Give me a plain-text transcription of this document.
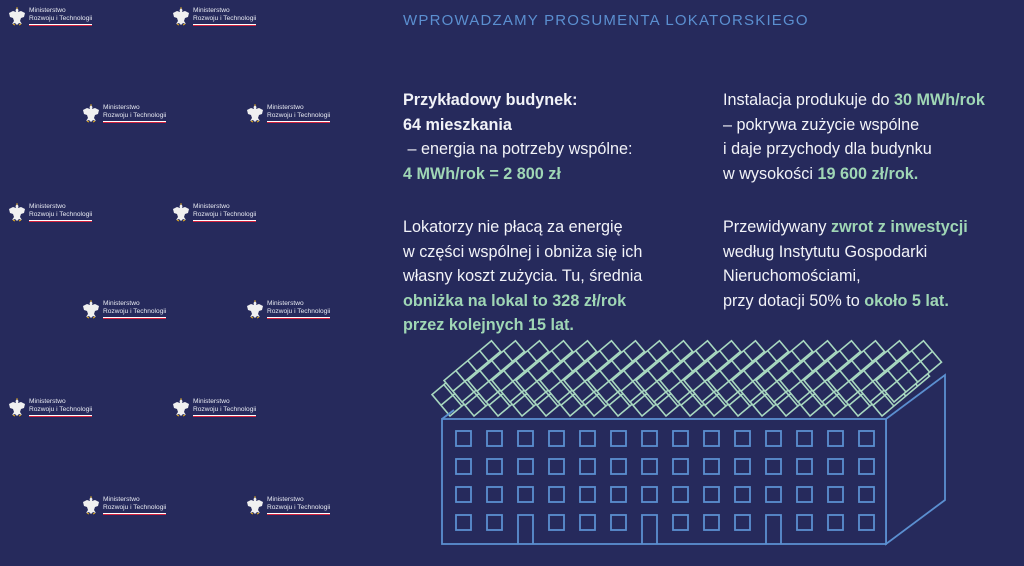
Ministerstwo
Rozwoju i Technologii
Ministerstwo
Rozwoju i Technologii
Ministerstwo
Rozwoju i Technologii
Ministerstwo
Rozwoju i Technologii
Ministerstwo
Rozwoju i Technologii
Ministerstwo
Rozwoju i Technologii
Ministerstwo
Rozwoju i Technologii
Ministerstwo
Rozwoju i Technologii
Ministerstwo
Rozwoju i Technologii
Ministerstwo
Rozwoju i Technologii
Ministerstwo
Rozwoju i Technologii
Ministerstwo
Rozwoju i Technologii
WPROWADZAMY PROSUMENTA LOKATORSKIEGO
Przykładowy budynek:
64 mieszkania
– energia na potrzeby wspólne:
4 MWh/rok = 2 800 zł
Instalacja produkuje do 30 MWh/rok
– pokrywa zużycie wspólne
i daje przychody dla budynku
w wysokości 19 600 zł/rok.
Lokatorzy nie płacą za energię
w części wspólnej i obniża się ich
własny koszt zużycia. Tu, średnia
obniżka na lokal to 328 zł/rok
przez kolejnych 15 lat.
Przewidywany zwrot z inwestycji
według Instytutu Gospodarki
Nieruchomościami,
przy dotacji 50% to około 5 lat.
